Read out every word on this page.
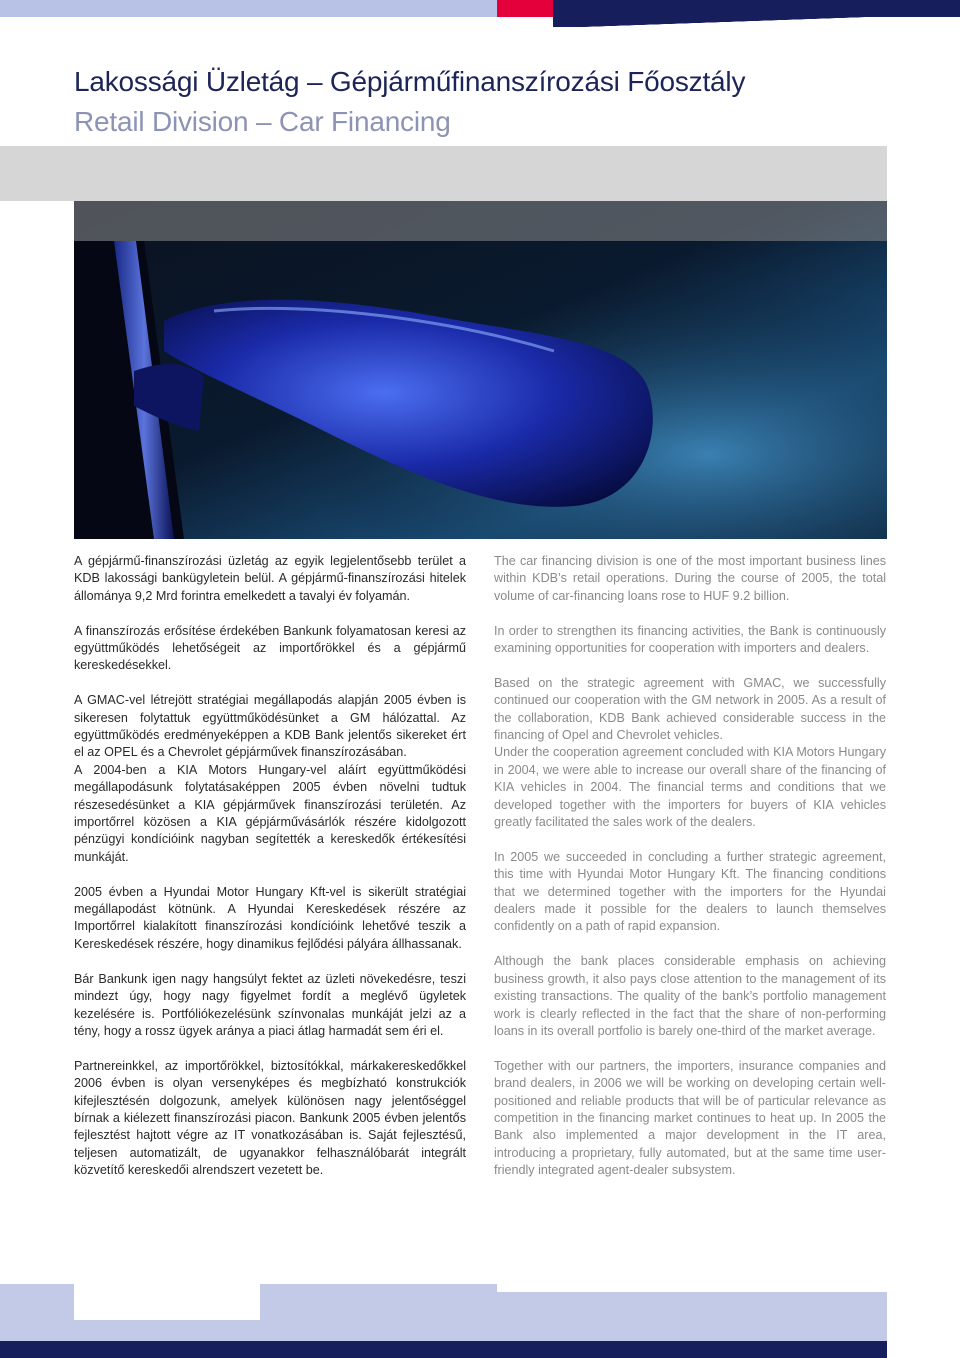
Lakossági Üzletág – Gépjárműfinanszírozási Főosztály
Retail Division – Car Financing

A gépjármű-finanszírozási üzletág az egyik legjelentősebb terület a KDB lakossági bankügyletein belül. A gépjármű-finanszírozási hitelek állománya 9,2 Mrd forintra emelkedett a tavalyi év folyamán.

A finanszírozás erősítése érdekében Bankunk folyamatosan keresi az együttműködés lehetőségeit az importőrökkel és a gépjármű kereskedésekkel.

A GMAC-vel létrejött stratégiai megállapodás alapján 2005 évben is sikeresen folytattuk együttműködésünket a GM hálózattal. Az együttműködés eredményeképpen a KDB Bank jelentős sikereket ért el az OPEL és a Chevrolet gépjárművek finanszírozásában.

A 2004-ben a KIA Motors Hungary-vel aláírt együttműködési megállapodásunk folytatásaképpen 2005 évben növelni tudtuk részesedésünket a KIA gépjárművek finanszírozási területén. Az importőrrel közösen a KIA gépjárművásárlók részére kidolgozott pénzügyi kondícióink nagyban segítették a kereskedők értékesítési munkáját.

2005 évben a Hyundai Motor Hungary Kft-vel is sikerült stratégiai megállapodást kötnünk. A Hyundai Kereskedések részére az Importőrrel kialakított finanszírozási kondícióink lehetővé teszik a Kereskedések részére, hogy dinamikus fejlődési pályára állhassanak.

Bár Bankunk igen nagy hangsúlyt fektet az üzleti növekedésre, teszi mindezt úgy, hogy nagy figyelmet fordít a meglévő ügyletek kezelésére is. Portfóliókezelésünk színvonalas munkáját jelzi az a tény, hogy a rossz ügyek aránya a piaci átlag harmadát sem éri el.

Partnereinkkel, az importőrökkel, biztosítókkal, márkakereskedőkkel 2006 évben is olyan versenyképes és megbízható konstrukciók kifejlesztésén dolgozunk, amelyek különösen nagy jelentőséggel bírnak a kiélezett finanszírozási piacon. Bankunk 2005 évben jelentős fejlesztést hajtott végre az IT vonatkozásában is. Saját fejlesztésű, teljesen automatizált, de ugyanakkor felhasználóbarát integrált közvetítő kereskedői alrendszert vezetett be.

The car financing division is one of the most important business lines within KDB’s retail operations. During the course of 2005, the total volume of car-financing loans rose to HUF 9.2 billion.

In order to strengthen its financing activities, the Bank is continuously examining opportunities for cooperation with importers and dealers.

Based on the strategic agreement with GMAC, we successfully continued our cooperation with the GM network in 2005. As a result of the collaboration, KDB Bank achieved considerable success in the financing of Opel and Chevrolet vehicles.

Under the cooperation agreement concluded with KIA Motors Hungary in 2004, we were able to increase our overall share of the financing of KIA vehicles in 2004. The financial terms and conditions that we developed together with the importers for buyers of KIA vehicles greatly facilitated the sales work of the dealers.

In 2005 we succeeded in concluding a further strategic agreement, this time with Hyundai Motor Hungary Kft. The financing conditions that we determined together with the importers for the Hyundai dealers made it possible for the dealers to launch themselves confidently on a path of rapid expansion.

Although the bank places considerable emphasis on achieving business growth, it also pays close attention to the management of its existing transactions. The quality of the bank’s portfolio management work is clearly reflected in the fact that the share of non-performing loans in its overall portfolio is barely one-third of the market average.

Together with our partners, the importers, insurance companies and brand dealers, in 2006 we will be working on developing certain well-positioned and reliable products that will be of particular relevance as competition in the financing market continues to heat up. In 2005 the Bank also implemented a major development in the IT area, introducing a proprietary, fully automated, but at the same time user-friendly integrated agent-dealer subsystem.
